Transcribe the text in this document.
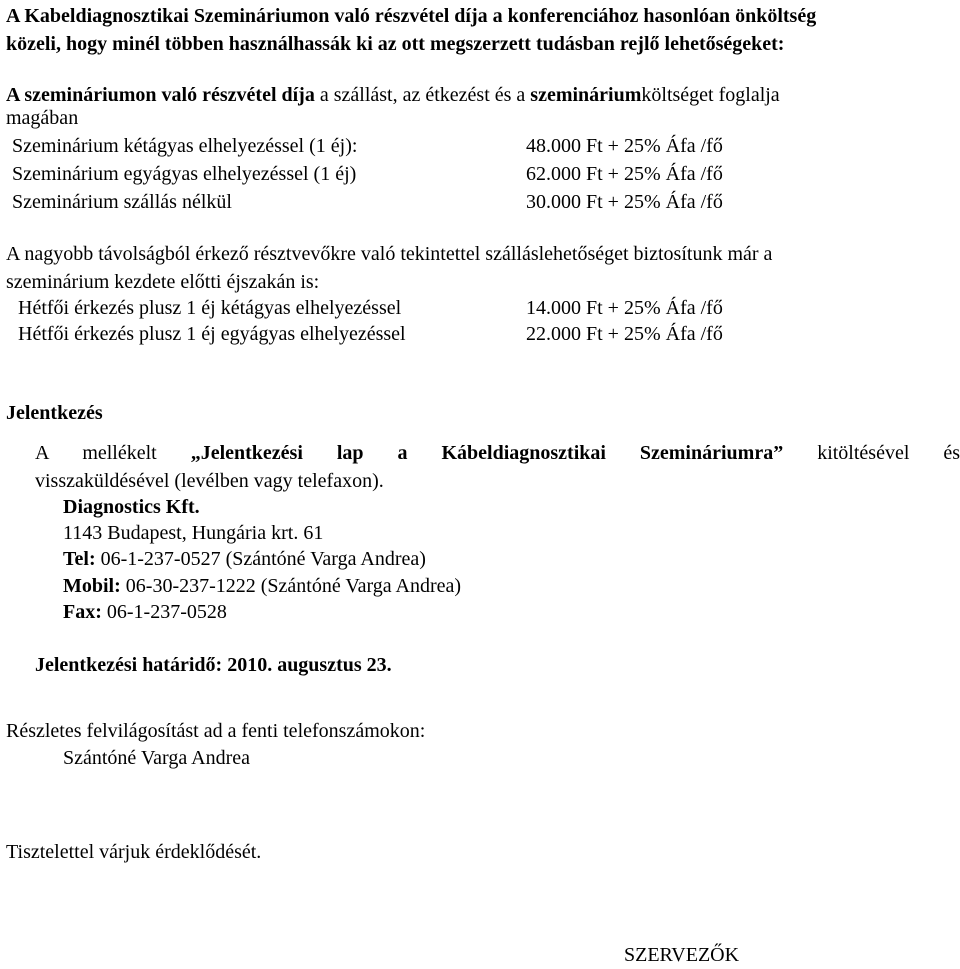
A Kabeldiagnosztikai Szemináriumon való részvétel díja a konferenciához hasonlóan önköltség
közeli, hogy minél többen használhassák ki az ott megszerzett tudásban rejlő lehetőségeket:
A szemináriumon való részvétel díja a szállást, az étkezést és a szemináriumköltséget foglalja
magában
Szeminárium kétágyas elhelyezéssel (1 éj):	48.000 Ft + 25% Áfa /fő
Szeminárium egyágyas elhelyezéssel (1 éj)	62.000 Ft + 25% Áfa /fő
Szeminárium szállás nélkül	30.000 Ft + 25% Áfa /fő
A nagyobb távolságból érkező résztvevőkre való tekintettel szálláslehetőséget biztosítunk már a
szeminárium kezdete előtti éjszakán is:
Hétfői érkezés plusz 1 éj kétágyas elhelyezéssel	14.000 Ft + 25% Áfa /fő
Hétfői érkezés plusz 1 éj egyágyas elhelyezéssel	22.000 Ft + 25% Áfa /fő
Jelentkezés
A mellékelt „Jelentkezési lap a Kábeldiagnosztikai Szemináriumra” kitöltésével és
visszaküldésével (levélben vagy telefaxon).
Diagnostics Kft.
1143 Budapest, Hungária krt. 61
Tel: 06-1-237-0527 (Szántóné Varga Andrea)
Mobil: 06-30-237-1222 (Szántóné Varga Andrea)
Fax: 06-1-237-0528
Jelentkezési határidő: 2010. augusztus 23.
Részletes felvilágosítást ad a fenti telefonszámokon:
Szántóné Varga Andrea
Tisztelettel várjuk érdeklődését.
SZERVEZŐK
